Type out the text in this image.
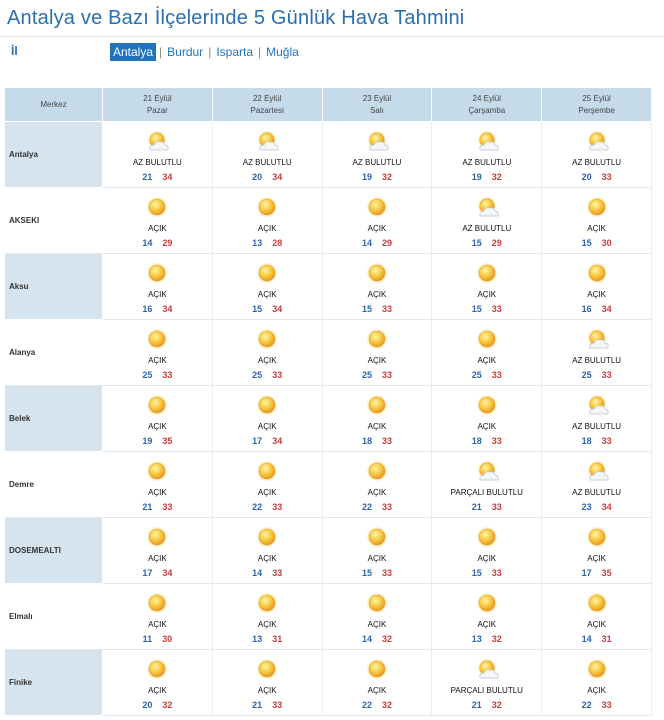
Antalya ve Bazı İlçelerinde 5 Günlük Hava Tahmini
İl	Antalya | Burdur | Isparta | Muğla
Merkez
21 Eylül
Pazar
22 Eylül
Pazartesi
23 Eylül
Salı
24 Eylül
Çarşamba
25 Eylül
Perşembe
Antalya
AZ BULUTLU
21 34
AZ BULUTLU
20 34
AZ BULUTLU
19 32
AZ BULUTLU
19 32
AZ BULUTLU
20 33
AKSEKI
AÇIK
14 29
AÇIK
13 28
AÇIK
14 29
AZ BULUTLU
15 29
AÇIK
15 30
Aksu
AÇIK
16 34
AÇIK
15 34
AÇIK
15 33
AÇIK
15 33
AÇIK
16 34
Alanya
AÇIK
25 33
AÇIK
25 33
AÇIK
25 33
AÇIK
25 33
AZ BULUTLU
25 33
Belek
AÇIK
19 35
AÇIK
17 34
AÇIK
18 33
AÇIK
18 33
AZ BULUTLU
18 33
Demre
AÇIK
21 33
AÇIK
22 33
AÇIK
22 33
PARÇALI BULUTLU
21 33
AZ BULUTLU
23 34
DOSEMEALTI
AÇIK
17 34
AÇIK
14 33
AÇIK
15 33
AÇIK
15 33
AÇIK
17 35
Elmalı
AÇIK
11 30
AÇIK
13 31
AÇIK
14 32
AÇIK
13 32
AÇIK
14 31
Finike
AÇIK
20 32
AÇIK
21 33
AÇIK
22 32
PARÇALI BULUTLU
21 32
AÇIK
22 33
